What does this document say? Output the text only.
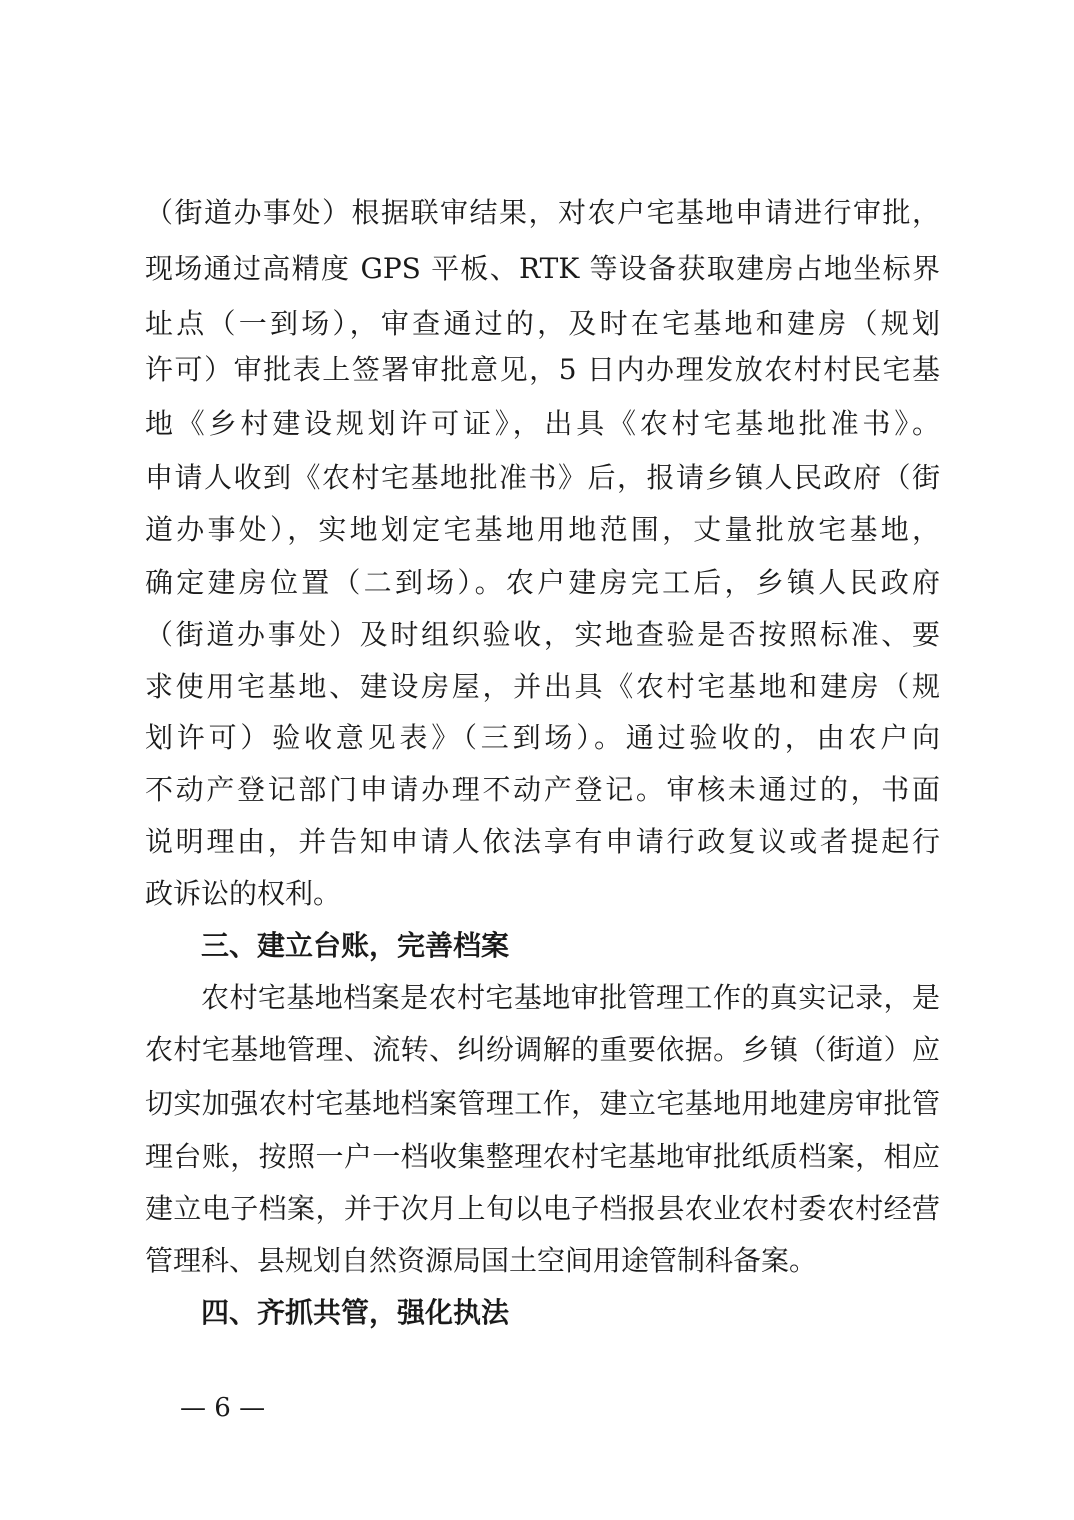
（街道办事处）根据联审结果，对农户宅基地申请进行审批，
现场通过高精度 GPS 平板、RTK 等设备获取建房占地坐标界
址点（一到场），审查通过的，及时在宅基地和建房（规划
许可）审批表上签署审批意见，5 日内办理发放农村村民宅基
地《乡村建设规划许可证》，出具《农村宅基地批准书》。
申请人收到《农村宅基地批准书》后，报请乡镇人民政府（街
道办事处），实地划定宅基地用地范围，丈量批放宅基地，
确定建房位置（二到场）。农户建房完工后，乡镇人民政府
（街道办事处）及时组织验收，实地查验是否按照标准、要
求使用宅基地、建设房屋，并出具《农村宅基地和建房（规
划许可）验收意见表》（三到场）。通过验收的，由农户向
不动产登记部门申请办理不动产登记。审核未通过的，书面
说明理由，并告知申请人依法享有申请行政复议或者提起行
政诉讼的权利。
三、建立台账，完善档案
农村宅基地档案是农村宅基地审批管理工作的真实记录，是
农村宅基地管理、流转、纠纷调解的重要依据。乡镇（街道）应
切实加强农村宅基地档案管理工作，建立宅基地用地建房审批管
理台账，按照一户一档收集整理农村宅基地审批纸质档案，相应
建立电子档案，并于次月上旬以电子档报县农业农村委农村经营
管理科、县规划自然资源局国土空间用途管制科备案。
四、齐抓共管，强化执法
— 6 —
